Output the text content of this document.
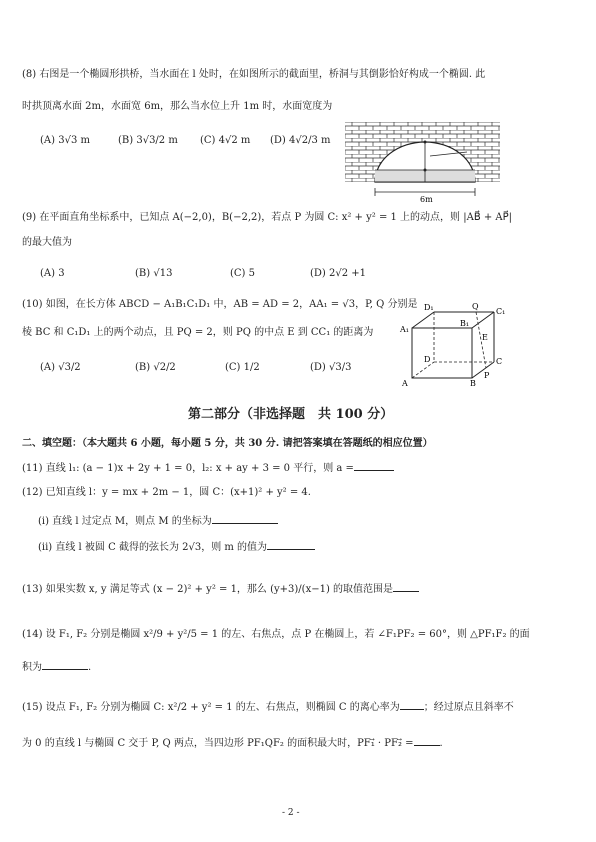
(8) 右图是一个椭圆形拱桥，当水面在 l 处时，在如图所示的截面里，桥洞与其倒影恰好构成一个椭圆. 此
时拱顶离水面 2m，水面宽 6m，那么当水位上升 1m 时，水面宽度为
(A) 3√3 m	(B) 3√3/2 m (C) 4√2 m (D) 4√2/3 m
6m
(9) 在平面直角坐标系中，已知点 A(−2,0)，B(−2,2)，若点 P 为圆 C: x² + y² = 1 上的动点，则 |AB⃗ + AP⃗|
的最大值为
(A) 3	(B) √13	(C) 5	(D) 2√2 +1
(10) 如图，在长方体 ABCD − A₁B₁C₁D₁ 中，AB = AD = 2，AA₁ = √3，P, Q 分别是
棱 BC 和 C₁D₁ 上的两个动点，且 PQ = 2，则 PQ 的中点 E 到 CC₁ 的距离为
(A) √3/2	(B) √2/2	(C) 1/2	(D) √3/3
D₁	Q
C₁
A₁
B₁
E
D	C
A	B
P
第二部分（非选择题　共 100 分）
二、填空题：（本大题共 6 小题，每小题 5 分，共 30 分. 请把答案填在答题纸的相应位置）
(11) 直线 l₁: (a − 1)x + 2y + 1 = 0，l₂: x + ay + 3 = 0 平行，则 a =
(12) 已知直线 l：y = mx + 2m − 1，圆 C：(x+1)² + y² = 4.
(i) 直线 l 过定点 M，则点 M 的坐标为
(ii) 直线 l 被圆 C 截得的弦长为 2√3，则 m 的值为
(13) 如果实数 x, y 满足等式 (x − 2)² + y² = 1，那么 (y+3)/(x−1) 的取值范围是
(14) 设 F₁, F₂ 分别是椭圆 x²/9 + y²/5 = 1 的左、右焦点，点 P 在椭圆上，若 ∠F₁PF₂ = 60°，则 △PF₁F₂ 的面
积为	.
(15) 设点 F₁, F₂ 分别为椭圆 C: x²/2 + y² = 1 的左、右焦点，则椭圆 C 的离心率为 ；经过原点且斜率不
为 0 的直线 l 与椭圆 C 交于 P, Q 两点，当四边形 PF₁QF₂ 的面积最大时，PF₁⃗ · PF₂⃗ =	.
- 2 -
